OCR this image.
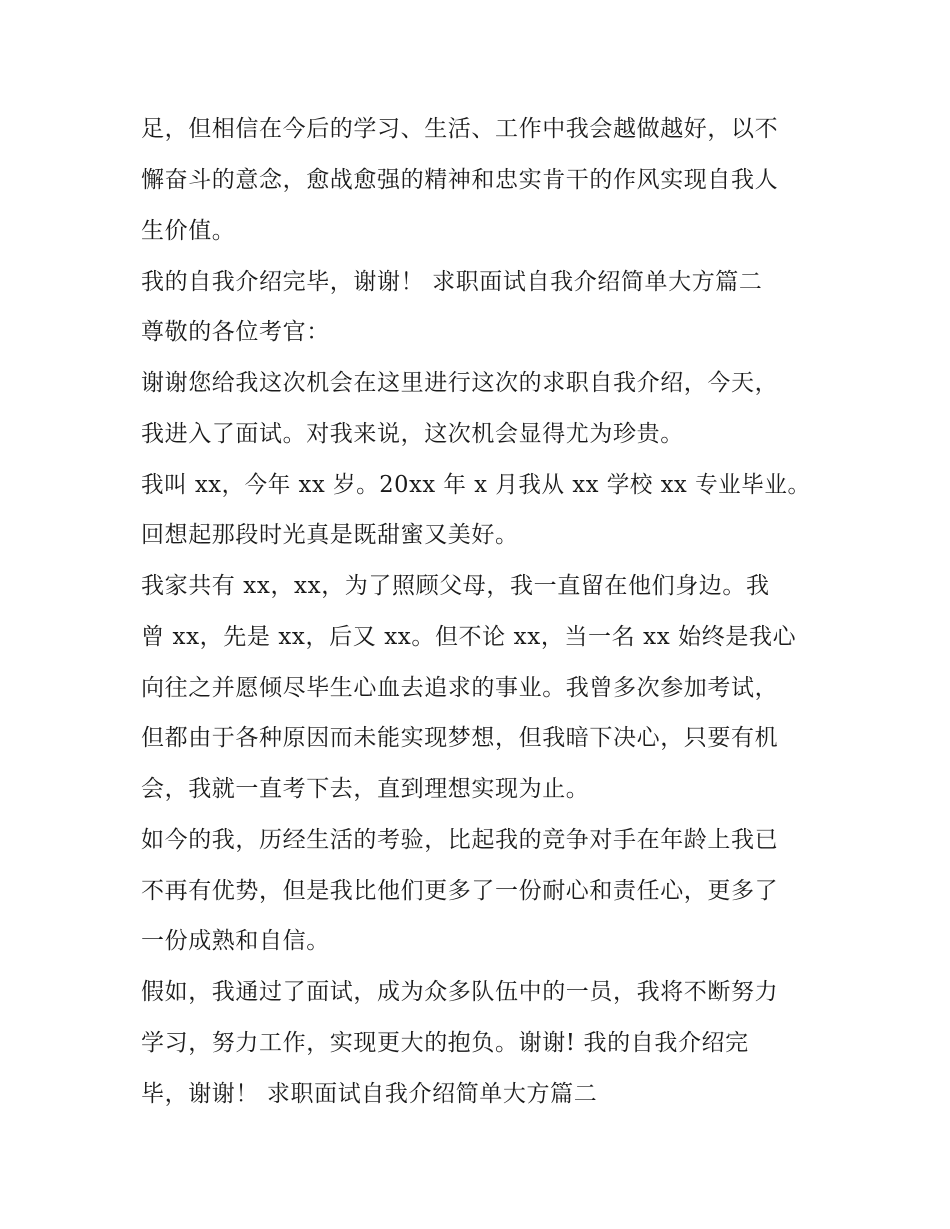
足，但相信在今后的学习、生活、工作中我会越做越好，以不
懈奋斗的意念，愈战愈强的精神和忠实肯干的作风实现自我人
生价值。
我的自我介绍完毕，谢谢！ 求职面试自我介绍简单大方篇二
尊敬的各位考官：
谢谢您给我这次机会在这里进行这次的求职自我介绍，今天，
我进入了面试。对我来说，这次机会显得尤为珍贵。
我叫 xx，今年 xx 岁。20xx 年 x 月我从 xx 学校 xx 专业毕业。
回想起那段时光真是既甜蜜又美好。
我家共有 xx，xx，为了照顾父母，我一直留在他们身边。我
曾 xx，先是 xx，后又 xx。但不论 xx，当一名 xx 始终是我心
向往之并愿倾尽毕生心血去追求的事业。我曾多次参加考试，
但都由于各种原因而未能实现梦想，但我暗下决心，只要有机
会，我就一直考下去，直到理想实现为止。
如今的我，历经生活的考验，比起我的竞争对手在年龄上我已
不再有优势，但是我比他们更多了一份耐心和责任心，更多了
一份成熟和自信。
假如，我通过了面试，成为众多队伍中的一员，我将不断努力
学习，努力工作，实现更大的抱负。谢谢! 我的自我介绍完
毕，谢谢！ 求职面试自我介绍简单大方篇二
